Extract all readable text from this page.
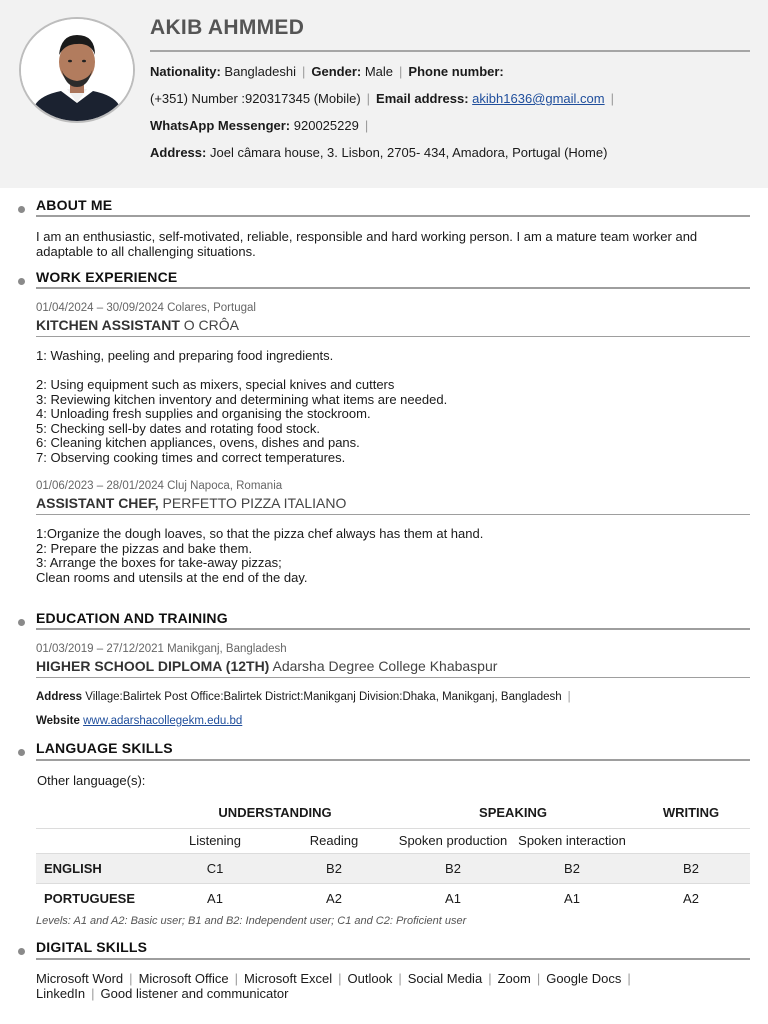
AKIB AHMMED
Nationality: Bangladeshi | Gender: Male | Phone number:
(+351) Number :920317345 (Mobile) | Email address: akibh1636@gmail.com |
WhatsApp Messenger: 920025229 |
Address: Joel câmara house, 3. Lisbon, 2705- 434, Amadora, Portugal (Home)
ABOUT ME
I am an enthusiastic, self-motivated, reliable, responsible and hard working person. I am a mature team worker and adaptable to all challenging situations.
WORK EXPERIENCE
01/04/2024 – 30/09/2024 Colares, Portugal
KITCHEN ASSISTANT O CRÔA
1: Washing, peeling and preparing food ingredients.
2: Using equipment such as mixers, special knives and cutters
3: Reviewing kitchen inventory and determining what items are needed.
4: Unloading fresh supplies and organising the stockroom.
5: Checking sell-by dates and rotating food stock.
6: Cleaning kitchen appliances, ovens, dishes and pans.
7: Observing cooking times and correct temperatures.
01/06/2023 – 28/01/2024 Cluj Napoca, Romania
ASSISTANT CHEF, PERFETTO PIZZA ITALIANO
1:Organize the dough loaves, so that the pizza chef always has them at hand.
2: Prepare the pizzas and bake them.
3: Arrange the boxes for take-away pizzas;
Clean rooms and utensils at the end of the day.
EDUCATION AND TRAINING
01/03/2019 – 27/12/2021 Manikganj, Bangladesh
HIGHER SCHOOL DIPLOMA (12TH) Adarsha Degree College Khabaspur
Address Village:Balirtek Post Office:Balirtek District:Manikganj Division:Dhaka, Manikganj, Bangladesh |
Website www.adarshacollegekm.edu.bd
LANGUAGE SKILLS
Other language(s):
	UNDERSTANDING		SPEAKING		WRITING
	Listening	Reading	Spoken production	Spoken interaction	
ENGLISH	C1	B2	B2	B2	B2
PORTUGUESE	A1	A2	A1	A1	A2
Levels: A1 and A2: Basic user; B1 and B2: Independent user; C1 and C2: Proficient user
DIGITAL SKILLS
Microsoft Word | Microsoft Office | Microsoft Excel | Outlook | Social Media | Zoom | Google Docs |
LinkedIn | Good listener and communicator
